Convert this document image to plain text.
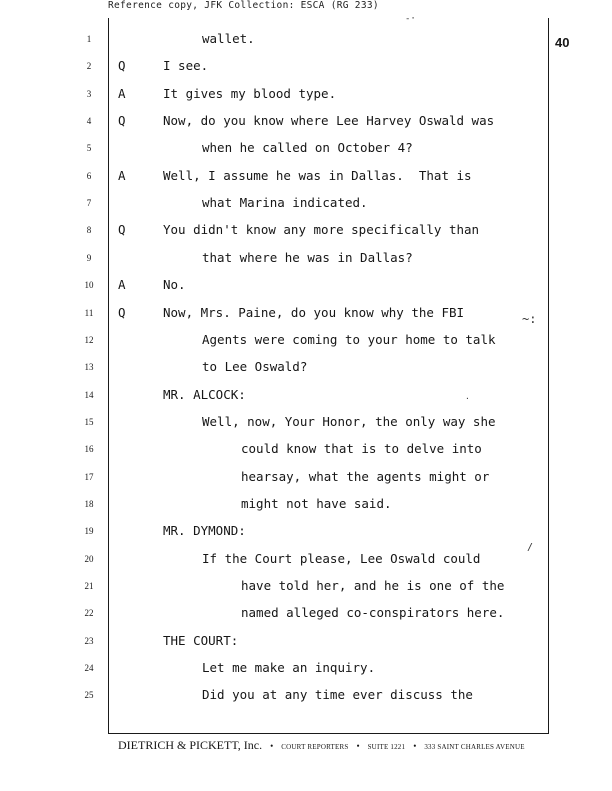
Reference copy, JFK Collection: ESCA (RG 233)
40
1	wallet.
2	Q	I see.
3	A	It gives my blood type.
4	Q	Now, do you know where Lee Harvey Oswald was
5	when he called on October 4?
6	A	Well, I assume he was in Dallas.  That is
7	what Marina indicated.
8	Q	You didn't know any more specifically than
9	that where he was in Dallas?
10	A	No.
11	Q	Now, Mrs. Paine, do you know why the FBI
12	Agents were coming to your home to talk
13	to Lee Oswald?
14	MR. ALCOCK:
15	Well, now, Your Honor, the only way she
16	could know that is to delve into
17	hearsay, what the agents might or
18	might not have said.
19	MR. DYMOND:
20	If the Court please, Lee Oswald could
21	have told her, and he is one of the
22	named alleged co-conspirators here.
23	THE COURT:
24	Let me make an inquiry.
25	Did you at any time ever discuss the
-·
~:
/
·
DIETRICH & PICKETT, Inc. • COURT REPORTERS • SUITE 1221 • 333 SAINT CHARLES AVENUE
